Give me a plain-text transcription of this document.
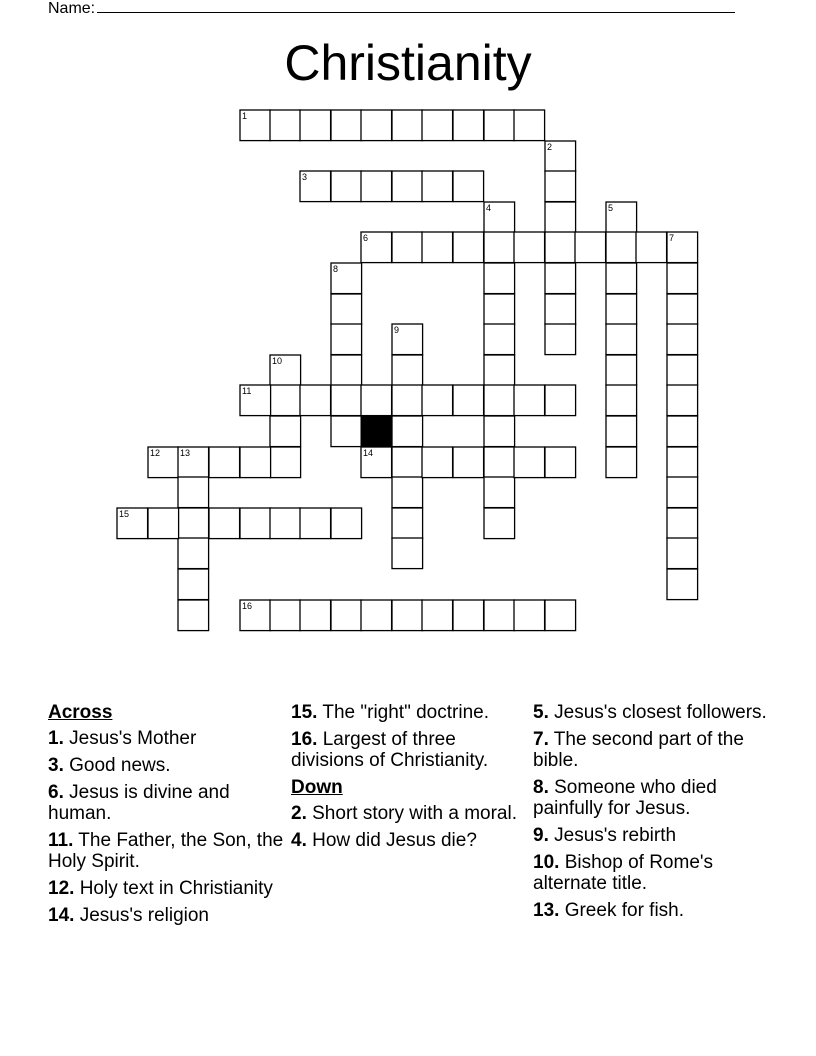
Name:
Christianity
1
2
3
4	5
6	7
8
9
10
11
12 13	14
15
16
Across
1. Jesus's Mother
3. Good news.
6. Jesus is divine and human.
11. The Father, the Son, the Holy Spirit.
12. Holy text in Christianity
14. Jesus's religion
15. The "right" doctrine.
16. Largest of three divisions of Christianity.
Down
2. Short story with a moral.
4. How did Jesus die?
5. Jesus's closest followers.
7. The second part of the bible.
8. Someone who died painfully for Jesus.
9. Jesus's rebirth
10. Bishop of Rome's alternate title.
13. Greek for fish.
